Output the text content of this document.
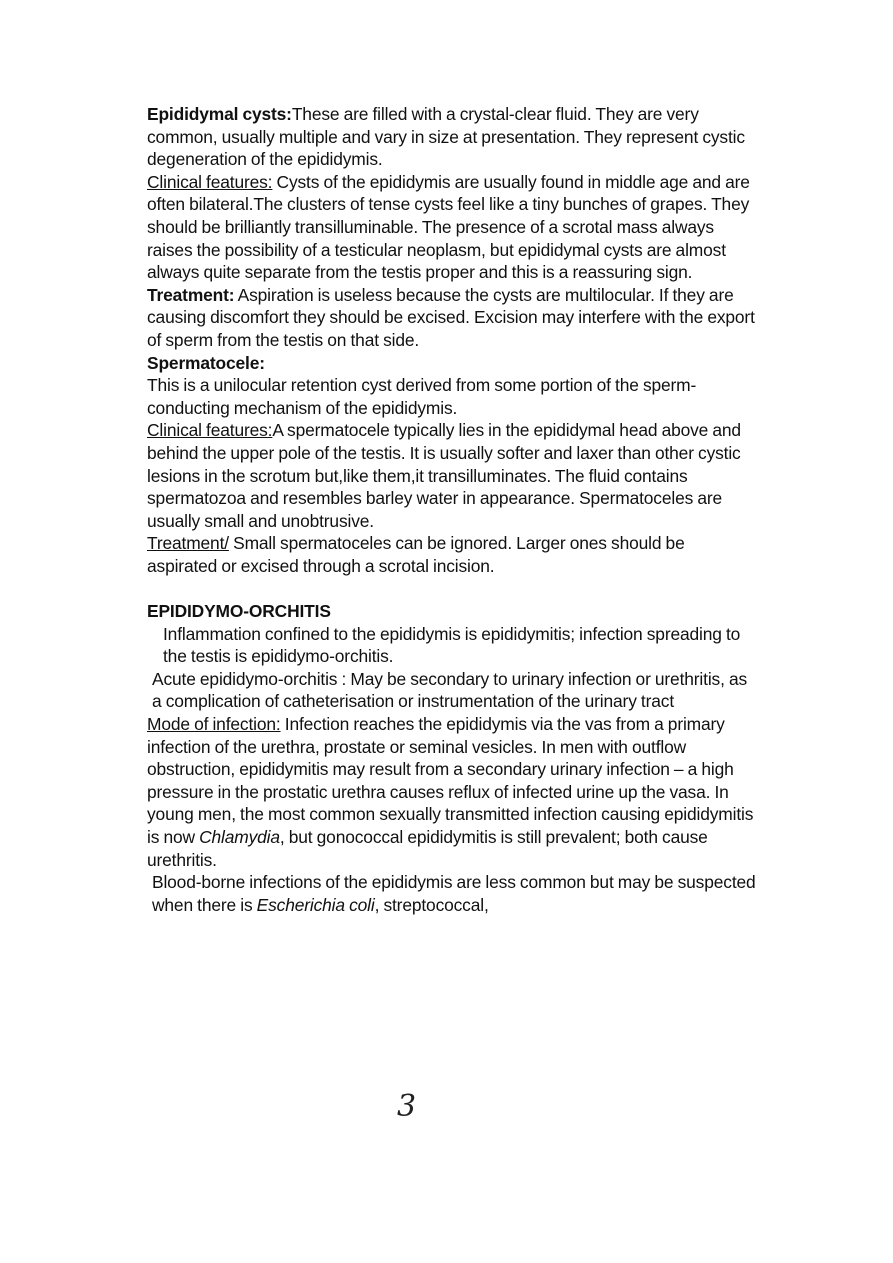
Epididymal cysts:These are filled with a crystal-clear fluid. They are very common, usually multiple and vary in size at presentation. They represent cystic degeneration of the epididymis.

Clinical features: Cysts of the epididymis are usually found in middle age and are often bilateral.The clusters of tense cysts feel like a tiny bunches of grapes. They should be brilliantly transilluminable. The presence of a scrotal mass always raises the possibility of a testicular neoplasm, but epididymal cysts are almost always quite separate from the testis proper and this is a reassuring sign.

Treatment: Aspiration is useless because the cysts are multilocular. If they are causing discomfort they should be excised. Excision may interfere with the export of sperm from the testis on that side.

Spermatocele:

This is a unilocular retention cyst derived from some portion of the sperm-conducting mechanism of the epididymis.

Clinical features:A spermatocele typically lies in the epididymal head above and behind the upper pole of the testis. It is usually softer and laxer than other cystic lesions in the scrotum but,like them,it transilluminates. The fluid contains spermatozoa and resembles barley water in appearance. Spermatoceles are usually small and unobtrusive.

Treatment/ Small spermatoceles can be ignored. Larger ones should be aspirated or excised through a scrotal incision.

EPIDIDYMO-ORCHITIS

Inflammation confined to the epididymis is epididymitis; infection spreading to the testis is epididymo-orchitis.

Acute epididymo-orchitis : May be secondary to urinary infection or urethritis, as a complication of catheterisation or instrumentation of the urinary tract

Mode of infection: Infection reaches the epididymis via the vas from a primary infection of the urethra, prostate or seminal vesicles. In men with outflow obstruction, epididymitis may result from a secondary urinary infection – a high pressure in the prostatic urethra causes reflux of infected urine up the vasa. In young men, the most common sexually transmitted infection causing epididymitis is now Chlamydia, but gonococcal epididymitis is still prevalent; both cause urethritis.

Blood-borne infections of the epididymis are less common but may be suspected when there is Escherichia coli, streptococcal,

3
